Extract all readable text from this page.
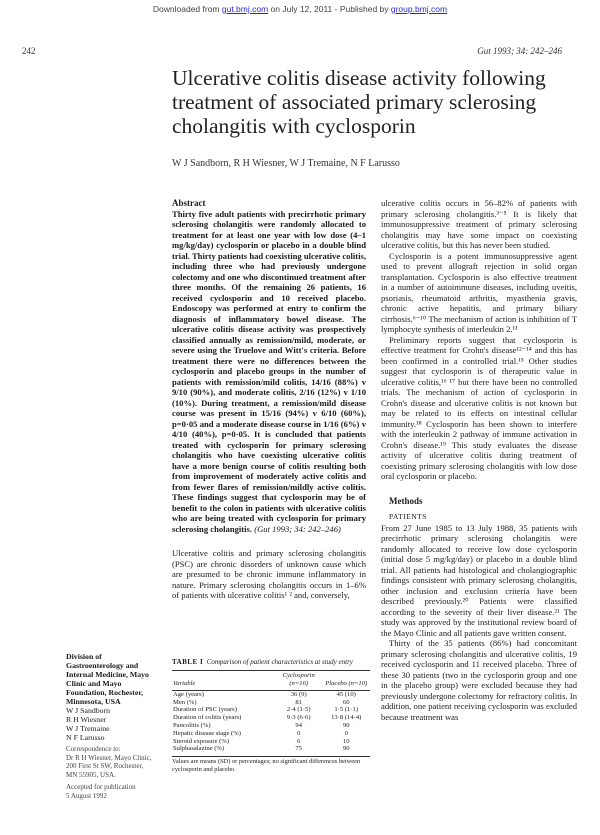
Downloaded from gut.bmj.com on July 12, 2011 - Published by group.bmj.com
242	Gut 1993; 34: 242–246
Ulcerative colitis disease activity following treatment of associated primary sclerosing cholangitis with cyclosporin
W J Sandborn, R H Wiesner, W J Tremaine, N F Larusso
Abstract
Thirty five adult patients with precirrhotic primary sclerosing cholangitis were randomly allocated to treatment for at least one year with low dose (4–1 mg/kg/day) cyclosporin or placebo in a double blind trial. Thirty patients had coexisting ulcerative colitis, including three who had previously undergone colectomy and one who discontinued treatment after three months. Of the remaining 26 patients, 16 received cyclosporin and 10 received placebo. Endoscopy was performed at entry to confirm the diagnosis of inflammatory bowel disease. The ulcerative colitis disease activity was prospectively classified annually as remission/mild, moderate, or severe using the Truelove and Witt's criteria. Before treatment there were no differences between the cyclosporin and placebo groups in the number of patients with remission/mild colitis, 14/16 (88%) v 9/10 (90%), and moderate colitis, 2/16 (12%) v 1/10 (10%). During treatment, a remission/mild disease course was present in 15/16 (94%) v 6/10 (60%), p=0·05 and a moderate disease course in 1/16 (6%) v 4/10 (40%), p=0·05. It is concluded that patients treated with cyclosporin for primary sclerosing cholangitis who have coexisting ulcerative colitis have a more benign course of colitis resulting both from improvement of moderately active colitis and from fewer flares of remission/mildly active colitis. These findings suggest that cyclosporin may be of benefit to the colon in patients with ulcerative colitis who are being treated with cyclosporin for primary sclerosing cholangitis. (Gut 1993; 34: 242–246)

Ulcerative colitis and primary sclerosing cholangitis (PSC) are chronic disorders of unknown cause which are presumed to be chronic immune inflammatory in nature. Primary sclerosing cholangitis occurs in 1–6% of patients with ulcerative colitis¹ ² and, conversely,

ulcerative colitis occurs in 56–82% of patients with primary sclerosing cholangitis.³⁻⁵ It is likely that immunosuppressive treatment of primary sclerosing cholangitis may have some impact on coexisting ulcerative colitis, but this has never been studied.

Cyclosporin is a potent immunosuppressive agent used to prevent allograft rejection in solid organ transplantation. Cyclosporin is also effective treatment in a number of autoimmune diseases, including uveitis, psoriasis, rheumatoid arthritis, myasthenia gravis, chronic active hepatitis, and primary biliary cirrhosis.⁶⁻¹⁰ The mechanism of action is inhibition of T lymphocyte synthesis of interleukin 2.¹¹

Preliminary reports suggest that cyclosporin is effective treatment for Crohn's disease¹²⁻¹⁴ and this has been confirmed in a controlled trial.¹⁵ Other studies suggest that cyclosporin is of therapeutic value in ulcerative colitis,¹⁶ ¹⁷ but there have been no controlled trials. The mechanism of action of cyclosporin in Crohn's disease and ulcerative colitis is not known but may be related to its effects on intestinal cellular immunity.¹⁸ Cyclosporin has been shown to interfere with the interleukin 2 pathway of immune activation in Crohn's disease.¹⁹ This study evaluates the disease activity of ulcerative colitis during treatment of coexisting primary sclerosing cholangitis with low dose oral cyclosporin or placebo.

Methods

PATIENTS

From 27 June 1985 to 13 July 1988, 35 patients with precirrhotic primary sclerosing cholangitis were randomly allocated to receive low dose cyclosporin (initial dose 5 mg/kg/day) or placebo in a double blind trial. All patients had histological and cholangiographic findings consistent with primary sclerosing cholangitis, other inclusion and exclusion criteria have been described previously.²⁰ Patients were classified according to the severity of their liver disease.²¹ The study was approved by the institutional review board of the Mayo Clinic and all patients gave written consent.

Thirty of the 35 patients (86%) had concomitant primary sclerosing cholangitis and ulcerative colitis, 19 received cyclosporin and 11 received placebo. Three of these 30 patients (two in the cyclosporin group and one in the placebo group) were excluded because they had previously undergone colectomy for refractory colitis. In addition, one patient receiving cyclosporin was excluded because treatment was

Division of
Gastroenterology and
Internal Medicine, Mayo
Clinic and Mayo
Foundation, Rochester,
Minnesota, USA
W J Sandborn
R H Wiesner
W J Tremaine
N F Larusso
Correspondence to:
Dr R H Wiesner, Mayo Clinic,
200 First St SW, Rochester,
MN 55905, USA.
Accepted for publication
5 August 1992
TABLE I Comparison of patient characteristics at study entry
Variable	Cyclosporin (n=16)	Placebo (n=10)
Age (years)	36 (9)	45 (10)
Men (%)	81	60
Duration of PSC (years)	2·4 (1·5)	1·5 (1·1)
Duration of colitis (years)	9·3 (6·6)	13·8 (14·4)
Pancolitis (%)	94	90
Hepatic disease stage (%)	0	0
Steroid exposure (%)	6	10
Sulphasalazine (%)	75	90
Values are means (SD) or percentages; no significant differences between cyclosporin and placebo.
